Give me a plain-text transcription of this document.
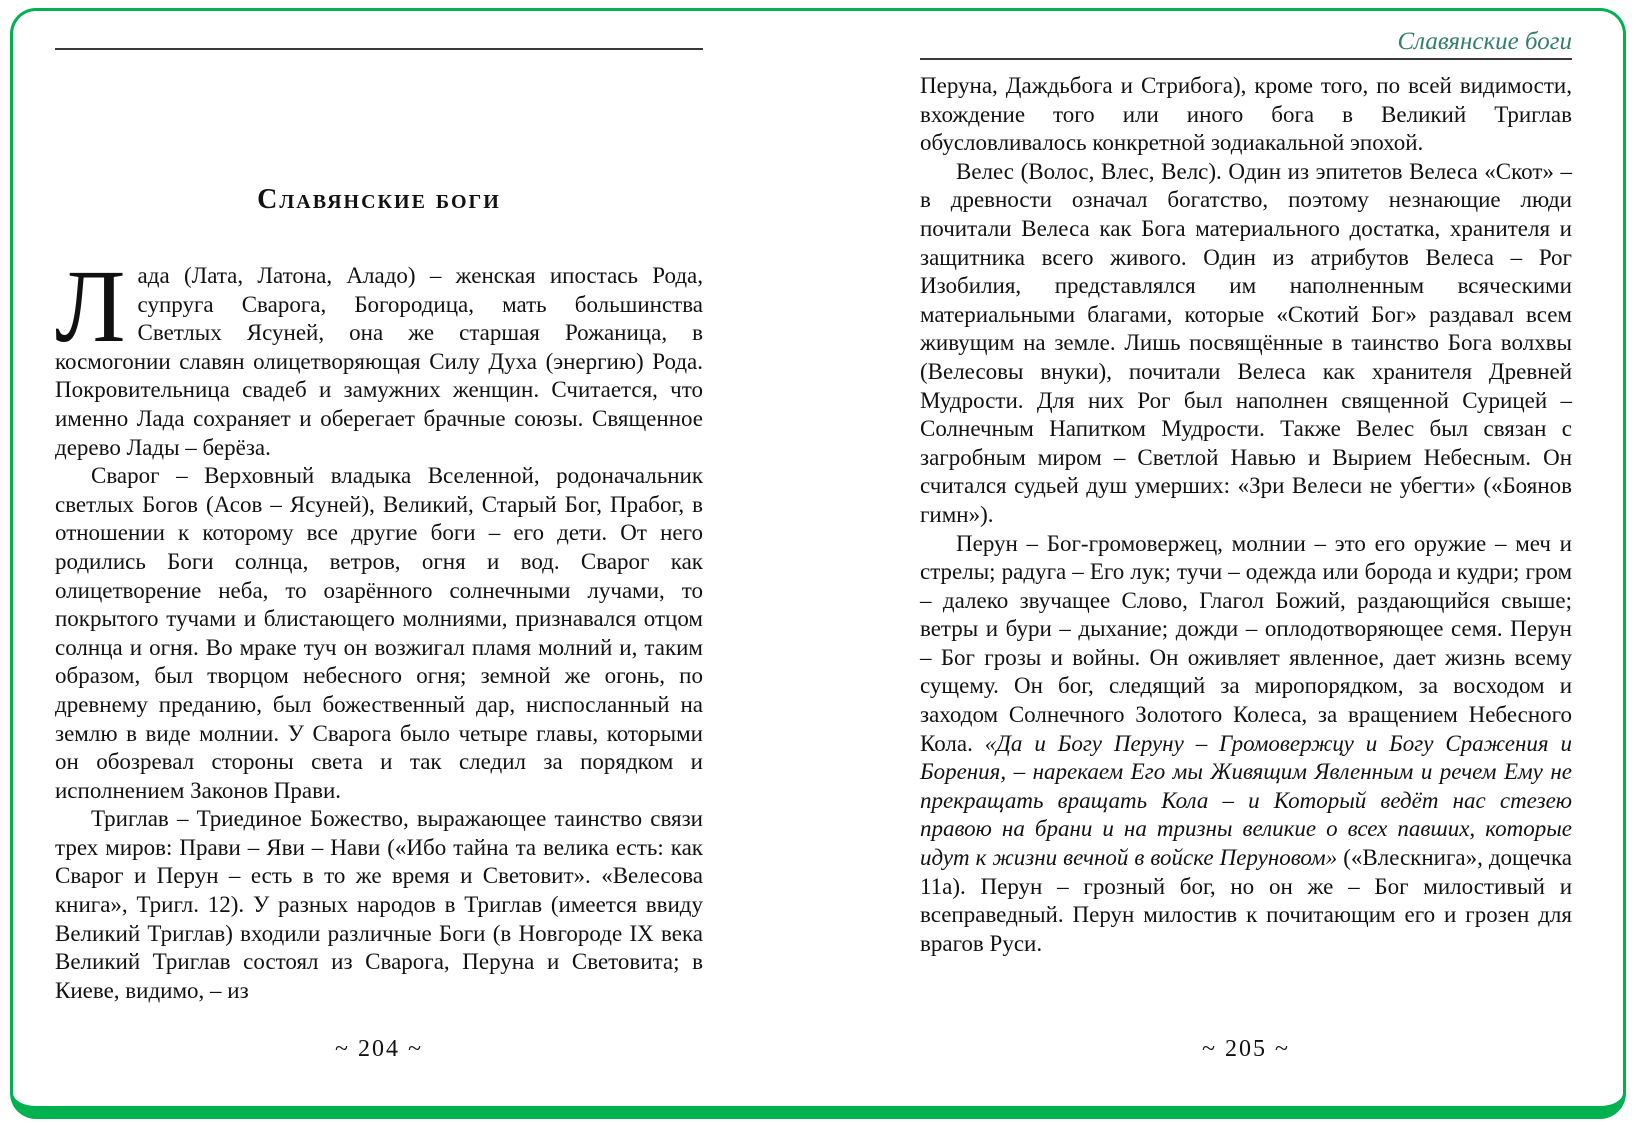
Славянские боги

Лада (Лата, Латона, Аладо) – женская ипостась Рода, супруга Сварога, Богородица, мать большинства Светлых Ясуней, она же старшая Рожаница, в космогонии славян олицетворяющая Силу Духа (энергию) Рода. Покровительница свадеб и замужних женщин. Считается, что именно Лада сохраняет и оберегает брачные союзы. Священное дерево Лады – берёза.

Сварог – Верховный владыка Вселенной, родоначальник светлых Богов (Асов – Ясуней), Великий, Старый Бог, Прабог, в отношении к которому все другие боги – его дети. От него родились Боги солнца, ветров, огня и вод. Сварог как олицетворение неба, то озарённого солнечными лучами, то покрытого тучами и блистающего молниями, признавался отцом солнца и огня. Во мраке туч он возжигал пламя молний и, таким образом, был творцом небесного огня; земной же огонь, по древнему преданию, был божественный дар, ниспосланный на землю в виде молнии. У Сварога было четыре главы, которыми он обозревал стороны света и так следил за порядком и исполнением Законов Прави.

Триглав – Триединое Божество, выражающее таинство связи трех миров: Прави – Яви – Нави («Ибо тайна та велика есть: как Сварог и Перун – есть в то же время и Световит». «Велесова книга», Тригл. 12). У разных народов в Триглав (имеется ввиду Великий Триглав) входили различные Боги (в Новгороде IX века Великий Триглав состоял из Сварога, Перуна и Световита; в Киеве, видимо, – из

~ 204 ~
Славянские боги

Перуна, Даждьбога и Стрибога), кроме того, по всей видимости, вхождение того или иного бога в Великий Триглав обусловливалось конкретной зодиакальной эпохой.

Велес (Волос, Влес, Велс). Один из эпитетов Велеса «Скот» – в древности означал богатство, поэтому незнающие люди почитали Велеса как Бога материального достатка, хранителя и защитника всего живого. Один из атрибутов Велеса – Рог Изобилия, представлялся им наполненным всяческими материальными благами, которые «Скотий Бог» раздавал всем живущим на земле. Лишь посвящённые в таинство Бога волхвы (Велесовы внуки), почитали Велеса как хранителя Древней Мудрости. Для них Рог был наполнен священной Сурицей – Солнечным Напитком Мудрости. Также Велес был связан с загробным миром – Светлой Навью и Вырием Небесным. Он считался судьей душ умерших: «Зри Велеси не убегти» («Боянов гимн»).

Перун – Бог-громовержец, молнии – это его оружие – меч и стрелы; радуга – Его лук; тучи – одежда или борода и кудри; гром – далеко звучащее Слово, Глагол Божий, раздающийся свыше; ветры и бури – дыхание; дожди – оплодотворяющее семя. Перун – Бог грозы и войны. Он оживляет явленное, дает жизнь всему сущему. Он бог, следящий за миропорядком, за восходом и заходом Солнечного Золотого Колеса, за вращением Небесного Кола. «Да и Богу Перуну – Громовержцу и Богу Сражения и Борения, – нарекаем Его мы Живящим Явленным и речем Ему не прекращать вращать Кола – и Который ведёт нас стезею правою на брани и на тризны великие о всех павших, которые идут к жизни вечной в войске Перуновом» («Влескнига», дощечка 11а). Перун – грозный бог, но он же – Бог милостивый и всеправедный. Перун милостив к почитающим его и грозен для врагов Руси.

~ 205 ~
